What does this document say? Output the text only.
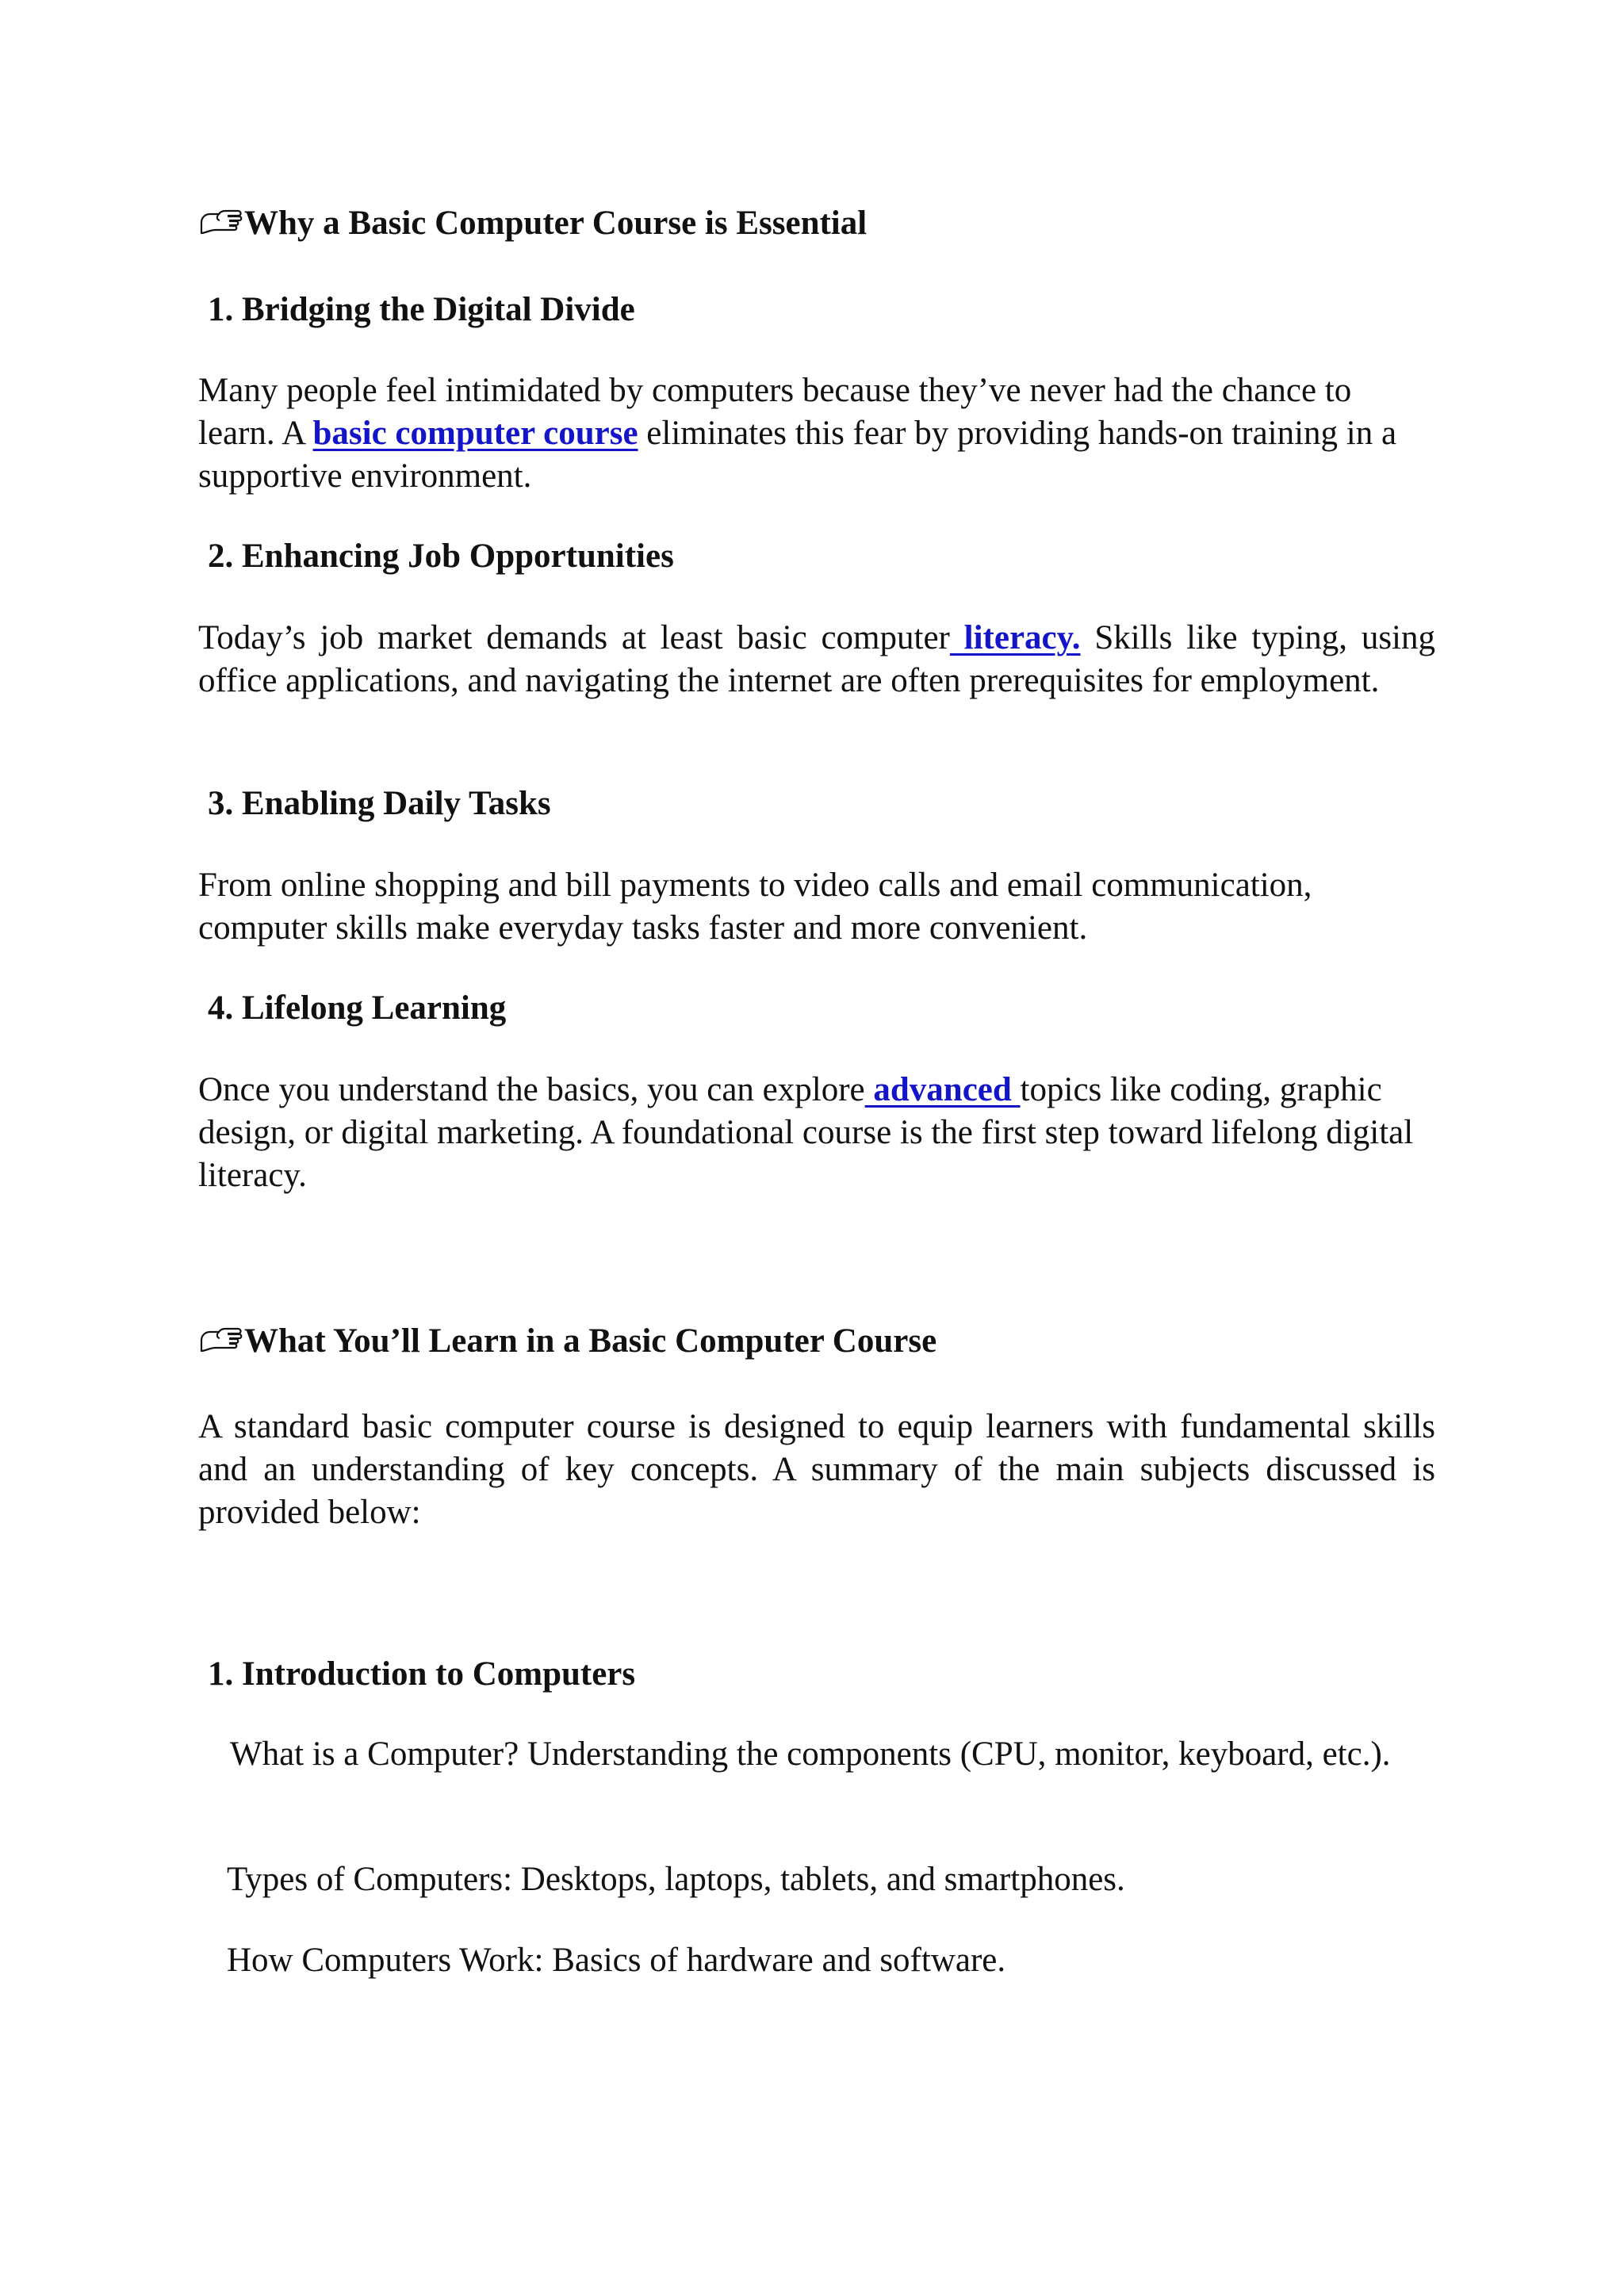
Why a Basic Computer Course is Essential
1. Bridging the Digital Divide

Many people feel intimidated by computers because they’ve never had the chance to learn. A basic computer course eliminates this fear by providing hands-on training in a supportive environment.

2. Enhancing Job Opportunities

Today’s job market demands at least basic computer literacy. Skills like typing, using office applications, and navigating the internet are often prerequisites for employment.

3. Enabling Daily Tasks

From online shopping and bill payments to video calls and email communication, computer skills make everyday tasks faster and more convenient.

4. Lifelong Learning

Once you understand the basics, you can explore advanced topics like coding, graphic design, or digital marketing. A foundational course is the first step toward lifelong digital literacy.

What You’ll Learn in a Basic Computer Course

A standard basic computer course is designed to equip learners with fundamental skills and an understanding of key concepts. A summary of the main subjects discussed is provided below:

1. Introduction to Computers

What is a Computer? Understanding the components (CPU, monitor, keyboard, etc.).

Types of Computers: Desktops, laptops, tablets, and smartphones.

How Computers Work: Basics of hardware and software.
